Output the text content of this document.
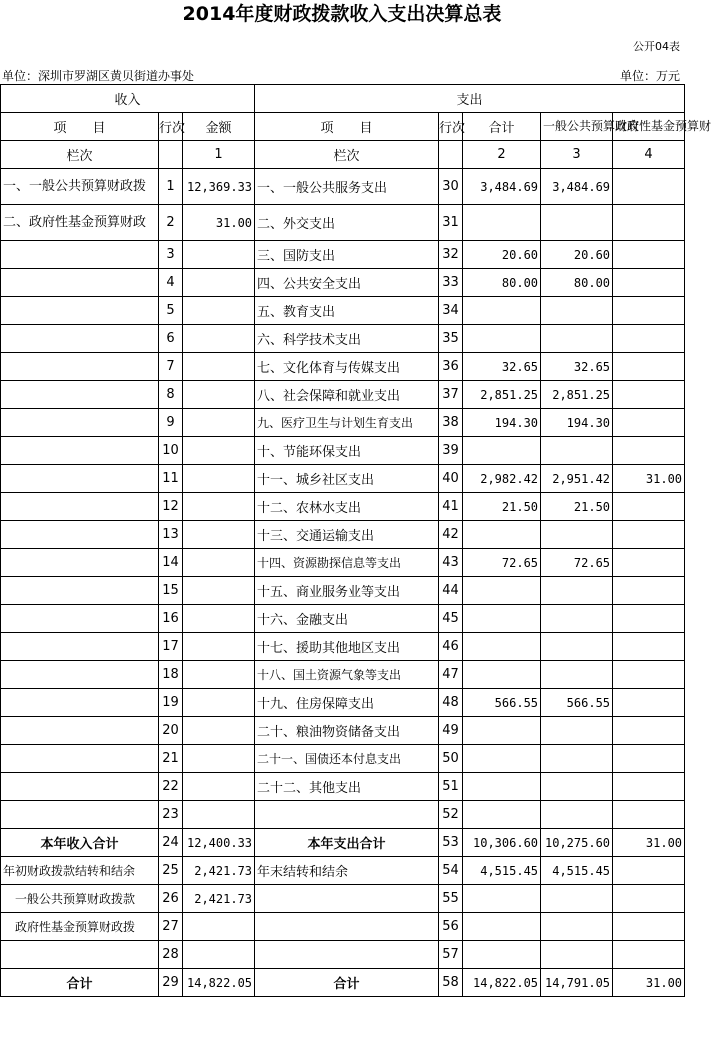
2014年度财政拨款收入支出决算总表
公开04表
单位：深圳市罗湖区黄贝街道办事处	单位：万元
收入			支出				
项　　目	行次	金额	项　　目	行次	合计	一般公共预算财政	政府性基金预算财
栏次		1	栏次		2	3	4
一、一般公共预算财政拨	1	12,369.33	一、一般公共服务支出	30	3,484.69	3,484.69	
二、政府性基金预算财政	2	31.00	二、外交支出	31			
	3		三、国防支出	32	20.60	20.60	
	4		四、公共安全支出	33	80.00	80.00	
	5		五、教育支出	34			
	6		六、科学技术支出	35			
	7		七、文化体育与传媒支出	36	32.65	32.65	
	8		八、社会保障和就业支出	37	2,851.25	2,851.25	
	9		九、医疗卫生与计划生育支出	38	194.30	194.30	
	10		十、节能环保支出	39			
	11		十一、城乡社区支出	40	2,982.42	2,951.42	31.00
	12		十二、农林水支出	41	21.50	21.50	
	13		十三、交通运输支出	42			
	14		十四、资源勘探信息等支出	43	72.65	72.65	
	15		十五、商业服务业等支出	44			
	16		十六、金融支出	45			
	17		十七、援助其他地区支出	46			
	18		十八、国土资源气象等支出	47			
	19		十九、住房保障支出	48	566.55	566.55	
	20		二十、粮油物资储备支出	49			
	21		二十一、国债还本付息支出	50			
	22		二十二、其他支出	51			
	23			52			
本年收入合计	24	12,400.33	本年支出合计	53	10,306.60	10,275.60	31.00
年初财政拨款结转和结余	25	2,421.73	年末结转和结余	54	4,515.45	4,515.45	
　一般公共预算财政拨款	26	2,421.73		55			
　政府性基金预算财政拨	27			56			
	28			57			
合计	29	14,822.05	合计	58	14,822.05	14,791.05	31.00
